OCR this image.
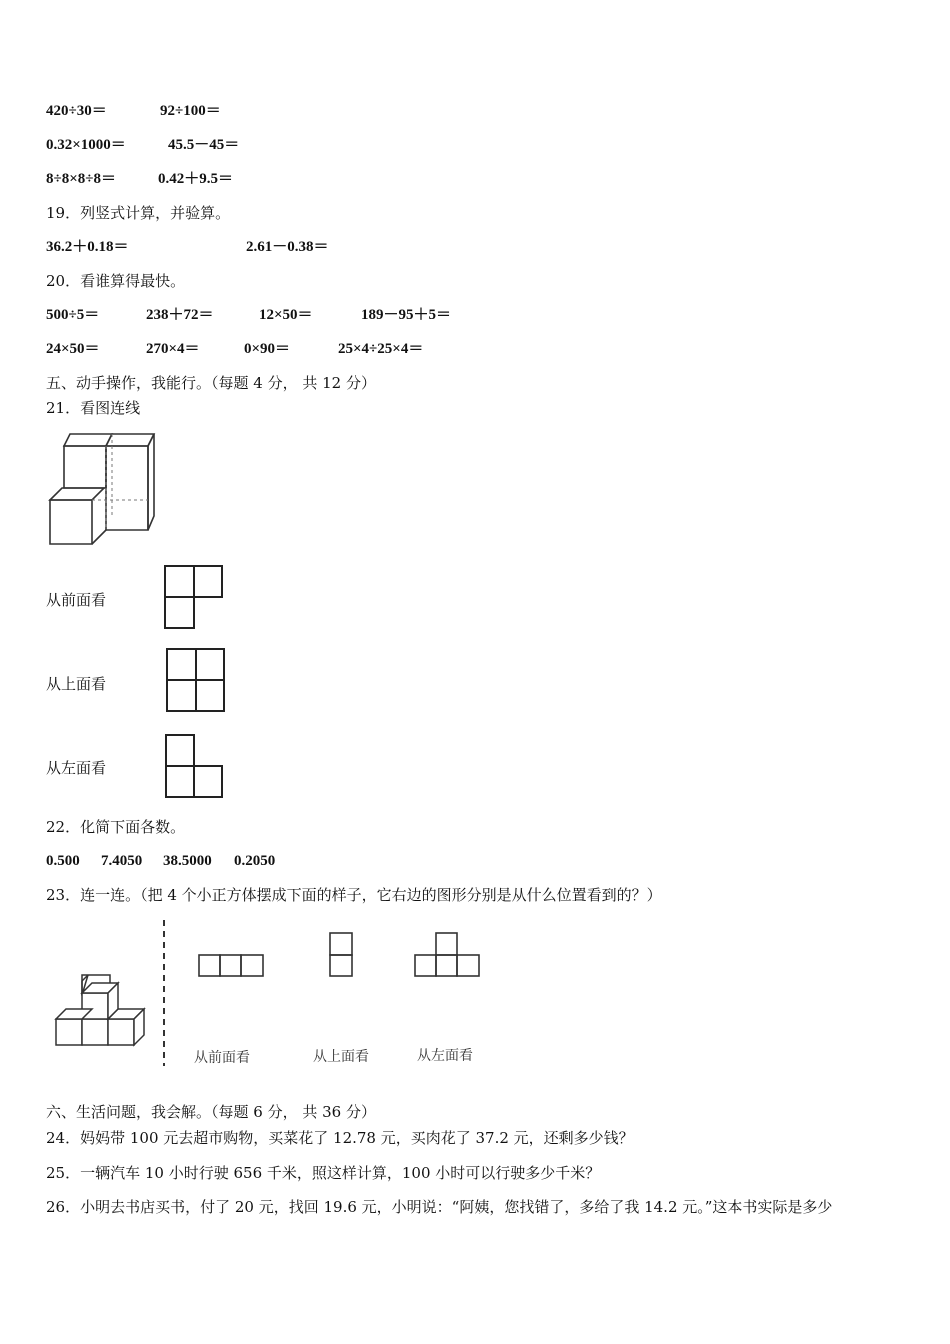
420÷30＝	92÷100＝
0.32×1000＝	45.5－45＝
8÷8×8÷8＝	0.42＋9.5＝
19．列竖式计算，并验算。
36.2＋0.18＝	2.61－0.38＝
20．看谁算得最快。
500÷5＝	238＋72＝	12×50＝	189－95＋5＝
24×50＝	270×4＝	0×90＝	25×4÷25×4＝
五、动手操作，我能行。（每题 4 分， 共 12 分）
21．看图连线
从前面看
从上面看
从左面看
22．化简下面各数。
0.500 7.4050 38.5000 0.2050
23．连一连。（把 4 个小正方体摆成下面的样子，它右边的图形分别是从什么位置看到的？）
从前面看	从上面看	从左面看
六、生活问题，我会解。（每题 6 分， 共 36 分）
24．妈妈带 100 元去超市购物，买菜花了 12.78 元，买肉花了 37.2 元，还剩多少钱？
25．一辆汽车 10 小时行驶 656 千米，照这样计算，100 小时可以行驶多少千米？
26．小明去书店买书，付了 20 元，找回 19.6 元，小明说：“阿姨，您找错了，多给了我 14.2 元。”这本书实际是多少
